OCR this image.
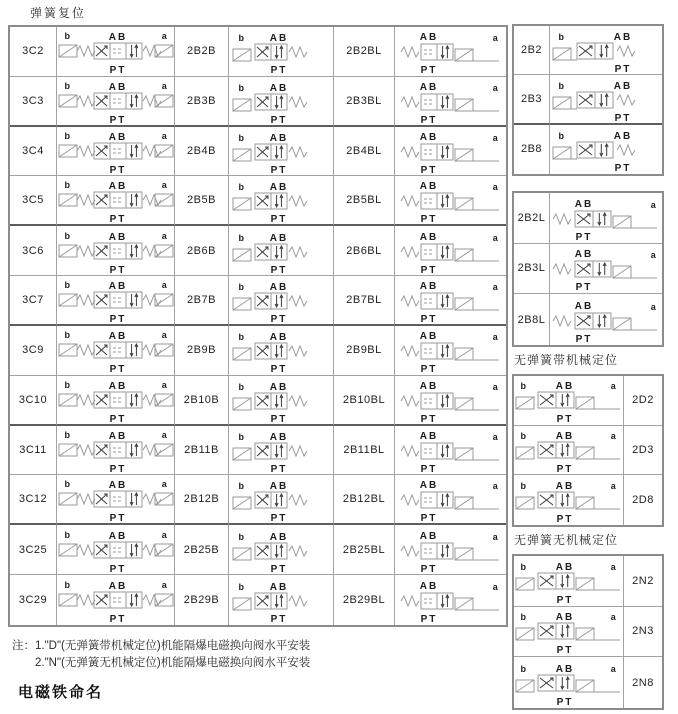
弹簧复位
3C2
b	a
AB
PT
2B2B
b AB
PT
2B2BL
a
AB
PT
3C3
b	a
AB
PT
2B3B
b AB
PT
2B3BL
a
AB
PT
3C4
b	a
AB
PT
2B4B
b AB
PT
2B4BL
a
AB
PT
3C5
b	a
AB
PT
2B5B
b AB
PT
2B5BL
a
AB
PT
3C6
b	a
AB
PT
2B6B
b AB
PT
2B6BL
a
AB
PT
3C7
b	a
AB
PT
2B7B
b AB
PT
2B7BL
a
AB
PT
3C9
b	a
AB
PT
2B9B
b AB
PT
2B9BL
a
AB
PT
3C10
b	a
AB
PT
2B10B
b AB
PT
2B10BL
a
AB
PT
3C11
b	a
AB
PT
2B11B
b AB
PT
2B11BL
a
AB
PT
3C12
b	a
AB
PT
2B12B
b AB
PT
2B12BL
a
AB
PT
3C25
b	a
AB
PT
2B25B
b AB
PT
2B25BL
a
AB
PT
3C29
b	a
AB
PT
2B29B
b AB
PT
2B29BL
a
AB
PT
2B2
b	AB
PT
2B3
b	AB
PT
2B8
b	AB
PT
2B2L
a
AB
PT
2B3L
a
AB
PT
2B8L
a
AB
PT
无弹簧带机械定位
b	a
AB
PT
2D2
b	a
AB
PT
2D3
b	a
AB
PT
2D8
无弹簧无机械定位
b	a
AB
PT
2N2
b	a
AB
PT
2N3
b	a
AB
PT
2N8
注：1."D"(无弹簧带机械定位)机能隔爆电磁换向阀水平安装
2."N"(无弹簧无机械定位)机能隔爆电磁换向阀水平安装
电磁铁命名
